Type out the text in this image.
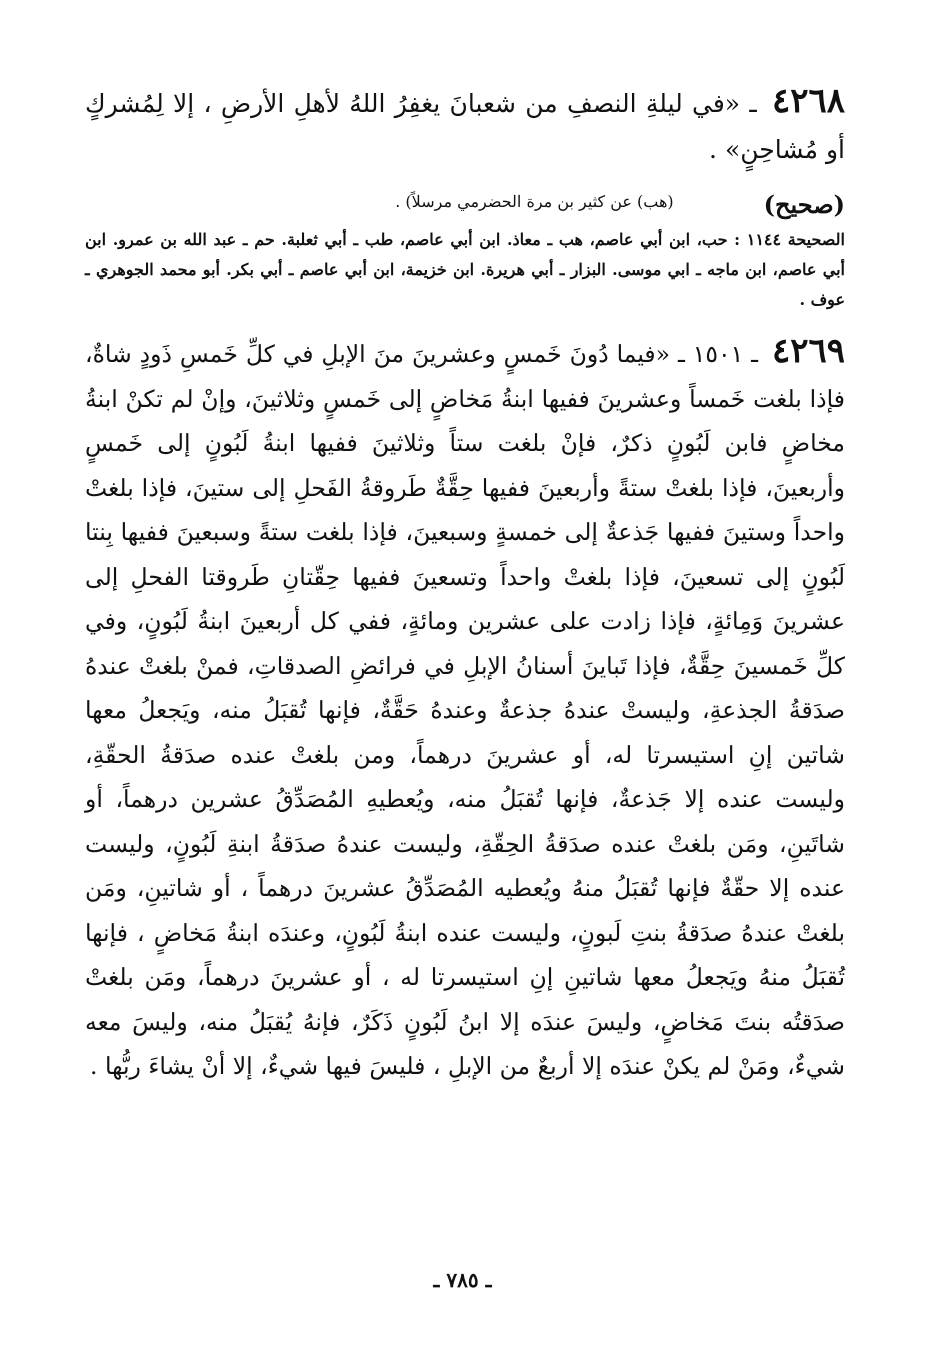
٤٢٦٨ ـ «في ليلةِ النصفِ من شعبانَ يغفِرُ اللهُ لأهلِ الأرضِ ، إلا لِمُشركٍ أو مُشاحِنٍ» .
(صحيح)
(هب) عن كثير بن مرة الحضرمي مرسلاً) .
الصحيحة ١١٤٤ : حب، ابن أبي عاصم، هب ـ معاذ. ابن أبي عاصم، طب ـ أبي ثعلبة. حم ـ عبد الله بن عمرو. ابن أبي عاصم، ابن ماجه ـ ابي موسى. البزار ـ أبي هريرة. ابن خزيمة، ابن أبي عاصم ـ أبي بكر. أبو محمد الجوهري ـ عوف .
٤٢٦٩ ـ ١٥٠١ ـ «فيما دُونَ خَمسٍ وعشرينَ منَ الإبلِ في كلِّ خَمسِ ذَودٍ شاةٌ، فإذا بلغت خَمساً وعشرينَ ففيها ابنةُ مَخاضٍ إلى خَمسٍ وثلاثينَ، وإنْ لم تكنْ ابنةُ مخاضٍ فابن لَبُونٍ ذكرٌ، فإنْ بلغت ستاً وثلاثينَ ففيها ابنةُ لَبُونٍ إلى خَمسٍ وأربعينَ، فإذا بلغتْ ستةً وأربعينَ ففيها حِقَّةٌ طَروقةُ الفَحلِ إلى ستينَ، فإذا بلغتْ واحداً وستينَ ففيها جَذعةٌ إلى خمسةٍ وسبعينَ، فإذا بلغت ستةً وسبعينَ ففيها بِنتا لَبُونٍ إلى تسعينَ، فإذا بلغتْ واحداً وتسعينَ ففيها حِقّتانِ طَروقتا الفحلِ إلى عشرينَ وَمِائةٍ، فإذا زادت على عشرين ومائةٍ، ففي كل أربعينَ ابنةُ لَبُونٍ، وفي كلِّ خَمسينَ حِقَّةٌ، فإذا تَباينَ أسنانُ الإبلِ في فرائضِ الصدقاتِ، فمنْ بلغتْ عندهُ صدَقةُ الجذعةِ، وليستْ عندهُ جذعةٌ وعندهُ حَقَّةٌ، فإنها تُقبَلُ منه، ويَجعلُ معها شاتين إنِ استيسرتا له، أو عشرينَ درهماً، ومن بلغتْ عنده صدَقةُ الحقّةِ، وليست عنده إلا جَذعةٌ، فإنها تُقبَلُ منه، ويُعطيهِ المُصَدِّقُ عشرين درهماً، أو شاتَينِ، ومَن بلغتْ عنده صدَقةُ الحِقّةِ، وليست عندهُ صدَقةُ ابنةِ لَبُونٍ، وليست عنده إلا حقّةٌ فإنها تُقبَلُ منهُ ويُعطيه المُصَدِّقُ عشرينَ درهماً ، أو شاتينِ، ومَن بلغتْ عندهُ صدَقةُ بنتِ لَبونٍ، وليست عنده ابنةُ لَبُونٍ، وعندَه ابنةُ مَخاضٍ ، فإنها تُقبَلُ منهُ ويَجعلُ معها شاتينِ إنِ استيسرتا له ، أو عشرينَ درهماً، ومَن بلغتْ صدَقتُه بنتَ مَخاضٍ، وليسَ عندَه إلا ابنُ لَبُونٍ ذَكَرٌ، فإنهُ يُقبَلُ منه، وليسَ معه شيءٌ، ومَنْ لم يكنْ عندَه إلا أربعٌ من الإبلِ ، فليسَ فيها شيءٌ، إلا أنْ يشاءَ ربُّها .
ـ ٧٨٥ ـ
